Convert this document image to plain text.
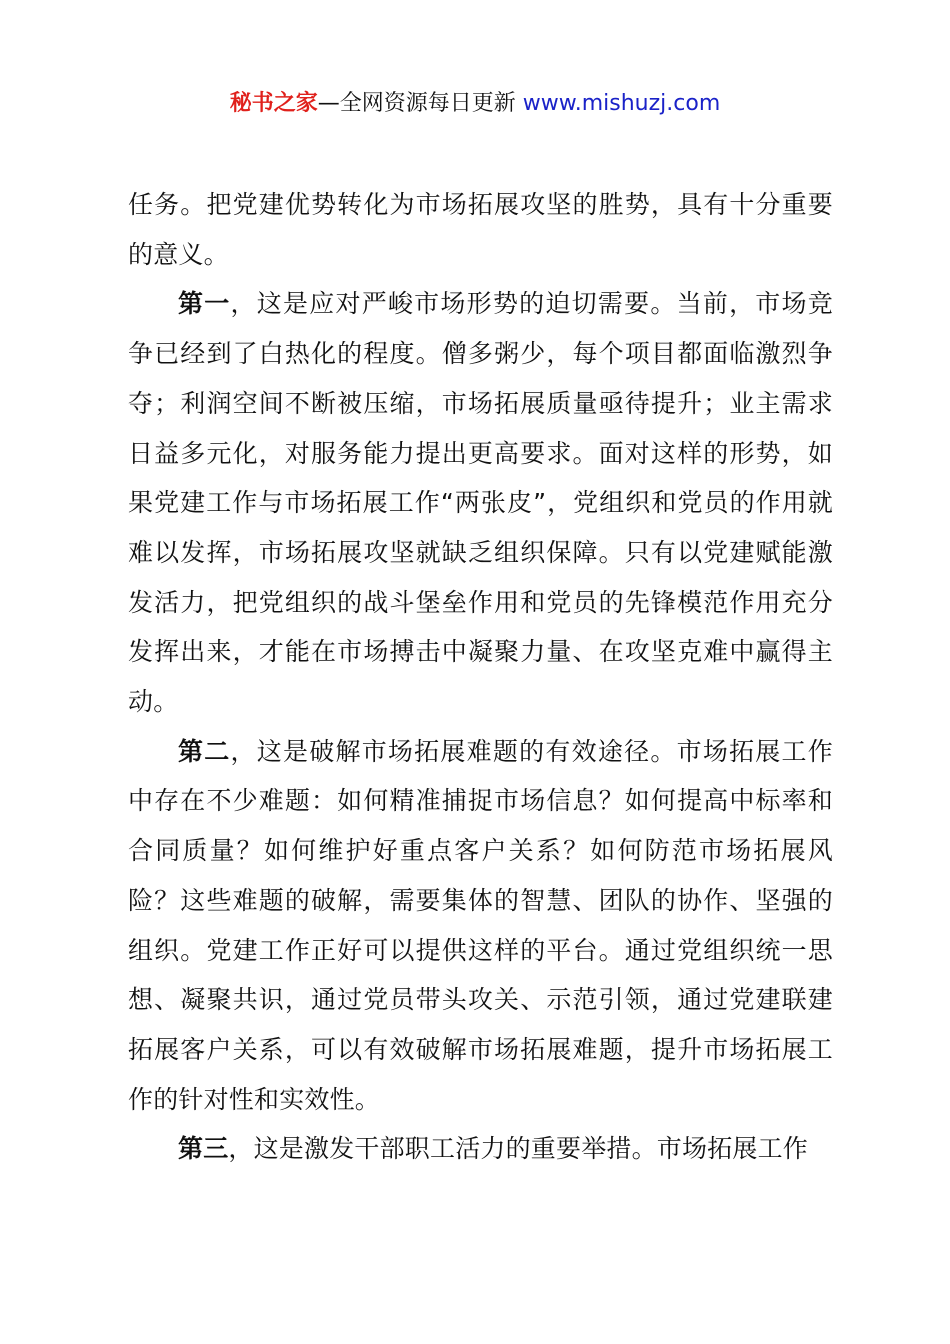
秘书之家—全网资源每日更新 www.mishuzj.com

任务。把党建优势转化为市场拓展攻坚的胜势，具有十分重要的意义。

第一，这是应对严峻市场形势的迫切需要。当前，市场竞争已经到了白热化的程度。僧多粥少，每个项目都面临激烈争夺；利润空间不断被压缩，市场拓展质量亟待提升；业主需求日益多元化，对服务能力提出更高要求。面对这样的形势，如果党建工作与市场拓展工作“两张皮”，党组织和党员的作用就难以发挥，市场拓展攻坚就缺乏组织保障。只有以党建赋能激发活力，把党组织的战斗堡垒作用和党员的先锋模范作用充分发挥出来，才能在市场搏击中凝聚力量、在攻坚克难中赢得主动。

第二，这是破解市场拓展难题的有效途径。市场拓展工作中存在不少难题：如何精准捕捉市场信息？如何提高中标率和合同质量？如何维护好重点客户关系？如何防范市场拓展风险？这些难题的破解，需要集体的智慧、团队的协作、坚强的组织。党建工作正好可以提供这样的平台。通过党组织统一思想、凝聚共识，通过党员带头攻关、示范引领，通过党建联建拓展客户关系，可以有效破解市场拓展难题，提升市场拓展工作的针对性和实效性。

第三，这是激发干部职工活力的重要举措。市场拓展工作
